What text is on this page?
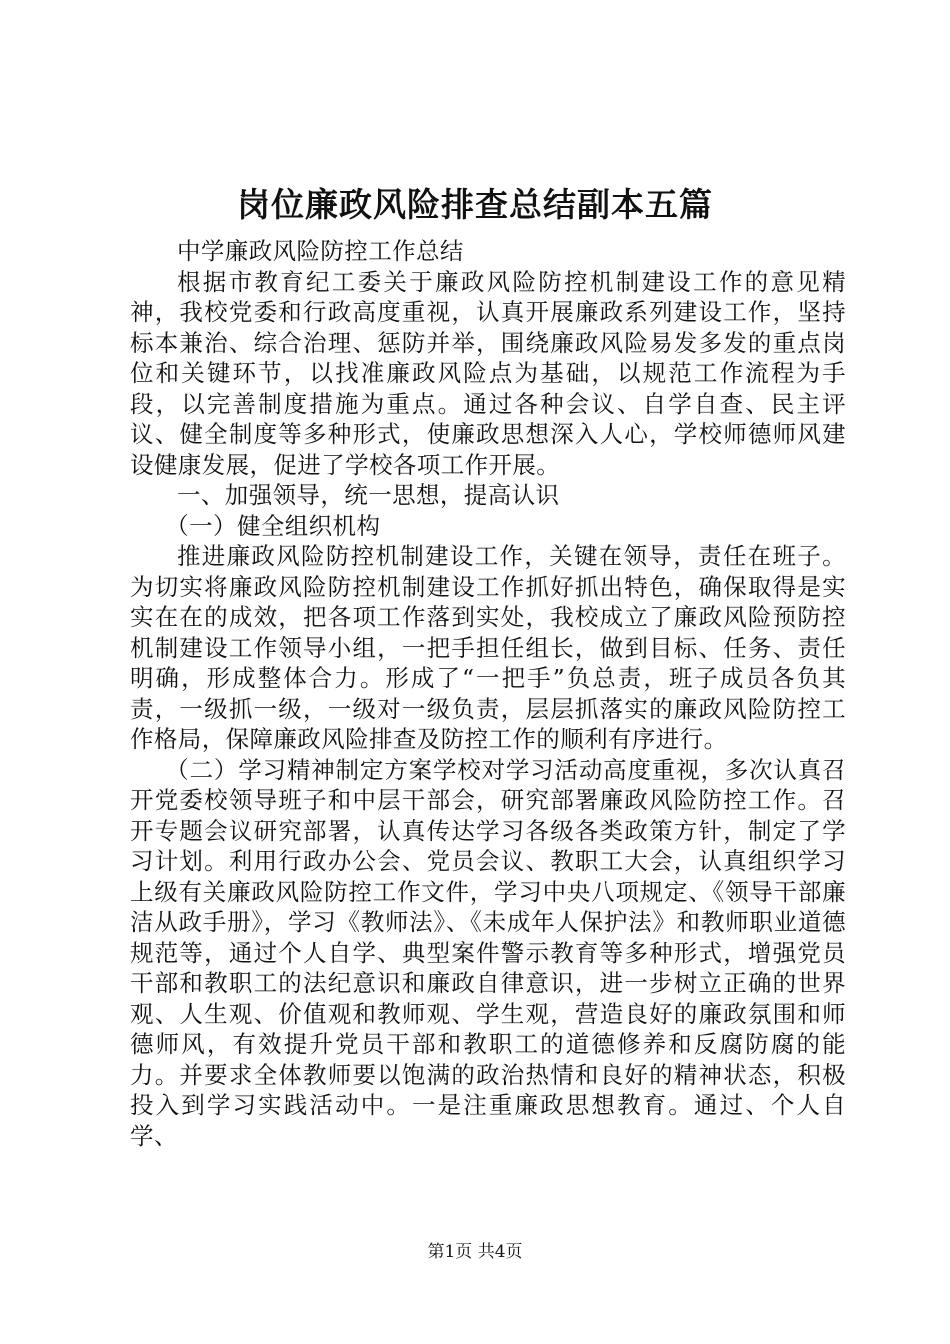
岗位廉政风险排查总结副本五篇

中学廉政风险防控工作总结

根据市教育纪工委关于廉政风险防控机制建设工作的意见精神，我校党委和行政高度重视，认真开展廉政系列建设工作，坚持标本兼治、综合治理、惩防并举，围绕廉政风险易发多发的重点岗位和关键环节，以找准廉政风险点为基础，以规范工作流程为手段，以完善制度措施为重点。通过各种会议、自学自查、民主评议、健全制度等多种形式，使廉政思想深入人心，学校师德师风建设健康发展，促进了学校各项工作开展。

一、加强领导，统一思想，提高认识

（一）健全组织机构

推进廉政风险防控机制建设工作，关键在领导，责任在班子。为切实将廉政风险防控机制建设工作抓好抓出特色，确保取得是实实在在的成效，把各项工作落到实处，我校成立了廉政风险预防控机制建设工作领导小组，一把手担任组长，做到目标、任务、责任明确，形成整体合力。形成了“一把手”负总责，班子成员各负其责，一级抓一级，一级对一级负责，层层抓落实的廉政风险防控工作格局，保障廉政风险排查及防控工作的顺利有序进行。

（二）学习精神制定方案学校对学习活动高度重视，多次认真召开党委校领导班子和中层干部会，研究部署廉政风险防控工作。召开专题会议研究部署，认真传达学习各级各类政策方针，制定了学习计划。利用行政办公会、党员会议、教职工大会，认真组织学习上级有关廉政风险防控工作文件，学习中央八项规定、《领导干部廉洁从政手册》，学习《教师法》、《未成年人保护法》和教师职业道德规范等，通过个人自学、典型案件警示教育等多种形式，增强党员干部和教职工的法纪意识和廉政自律意识，进一步树立正确的世界观、人生观、价值观和教师观、学生观，营造良好的廉政氛围和师德师风，有效提升党员干部和教职工的道德修养和反腐防腐的能力。并要求全体教师要以饱满的政治热情和良好的精神状态，积极投入到学习实践活动中。一是注重廉政思想教育。通过、个人自学、

第1页 共4页
